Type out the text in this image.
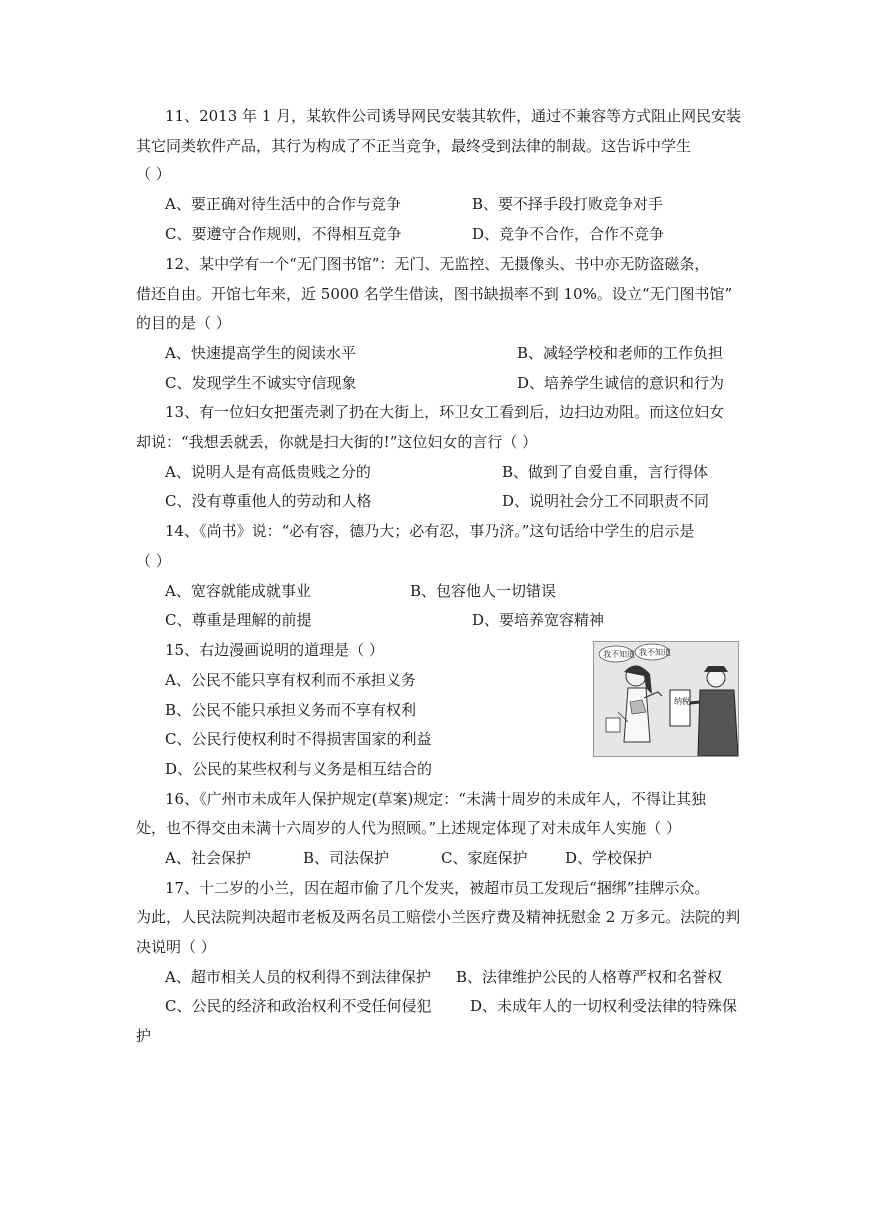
11、2013 年 1 月，某软件公司诱导网民安装其软件，通过不兼容等方式阻止网民安装
其它同类软件产品，其行为构成了不正当竞争，最终受到法律的制裁。这告诉中学生
（ ）
A、要正确对待生活中的合作与竞争	B、要不择手段打败竞争对手
C、要遵守合作规则，不得相互竞争	D、竞争不合作，合作不竞争
12、某中学有一个“无门图书馆”：无门、无监控、无摄像头、书中亦无防盗磁条，
借还自由。开馆七年来，近 5000 名学生借读，图书缺损率不到 10%。设立“无门图书馆”
的目的是（ ）
A、快速提高学生的阅读水平	B、减轻学校和老师的工作负担
C、发现学生不诚实守信现象	D、培养学生诚信的意识和行为
13、有一位妇女把蛋壳剥了扔在大街上，环卫女工看到后，边扫边劝阻。而这位妇女
却说：“我想丢就丢，你就是扫大街的!”这位妇女的言行（ ）
A、说明人是有高低贵贱之分的	B、做到了自爱自重，言行得体
C、没有尊重他人的劳动和人格	D、说明社会分工不同职责不同
14、《尚书》说：“必有容，德乃大；必有忍，事乃济。”这句话给中学生的启示是
（ ）
A、宽容就能成就事业	B、包容他人一切错误
C、尊重是理解的前提	D、要培养宽容精神
15、右边漫画说明的道理是（ ）
A、公民不能只享有权利而不承担义务
B、公民不能只承担义务而不享有权利
C、公民行使权利时不得损害国家的利益
D、公民的某些权利与义务是相互结合的
我不知道 我不知道
纳税
16、《广州市未成年人保护规定(草案)规定：“未满十周岁的未成年人，不得让其独
处，也不得交由未满十六周岁的人代为照顾。”上述规定体现了对未成年人实施（ ）
A、社会保护	B、司法保护	C、家庭保护	D、学校保护
17、十二岁的小兰，因在超市偷了几个发夹，被超市员工发现后“捆绑”挂牌示众。
为此，人民法院判决超市老板及两名员工赔偿小兰医疗费及精神抚慰金 2 万多元。法院的判
决说明（ ）
A、超市相关人员的权利得不到法律保护 B、法律维护公民的人格尊严权和名誉权
C、公民的经济和政治权利不受任何侵犯	D、未成年人的一切权利受法律的特殊保
护
